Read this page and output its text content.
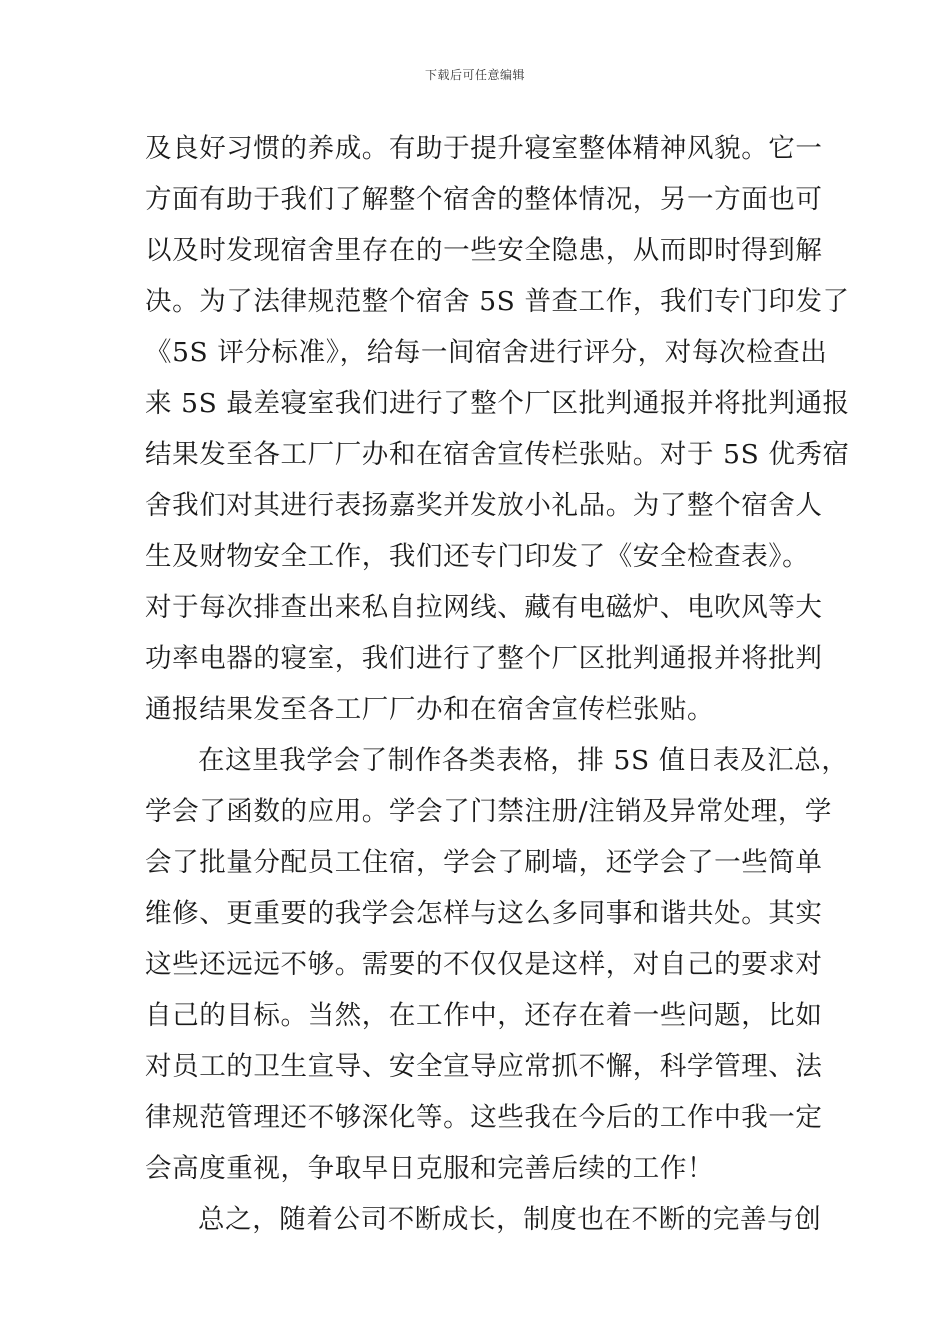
下载后可任意编辑
及良好习惯的养成。有助于提升寝室整体精神风貌。它一
方面有助于我们了解整个宿舍的整体情况，另一方面也可
以及时发现宿舍里存在的一些安全隐患，从而即时得到解
决。为了法律规范整个宿舍 5S 普查工作，我们专门印发了
《5S 评分标准》，给每一间宿舍进行评分，对每次检查出
来 5S 最差寝室我们进行了整个厂区批判通报并将批判通报
结果发至各工厂厂办和在宿舍宣传栏张贴。对于 5S 优秀宿
舍我们对其进行表扬嘉奖并发放小礼品。为了整个宿舍人
生及财物安全工作，我们还专门印发了《安全检查表》。
对于每次排查出来私自拉网线、藏有电磁炉、电吹风等大
功率电器的寝室，我们进行了整个厂区批判通报并将批判
通报结果发至各工厂厂办和在宿舍宣传栏张贴。
在这里我学会了制作各类表格，排 5S 值日表及汇总，
学会了函数的应用。学会了门禁注册/注销及异常处理，学
会了批量分配员工住宿，学会了刷墙，还学会了一些简单
维修、更重要的我学会怎样与这么多同事和谐共处。其实
这些还远远不够。需要的不仅仅是这样，对自己的要求对
自己的目标。当然，在工作中，还存在着一些问题，比如
对员工的卫生宣导、安全宣导应常抓不懈，科学管理、法
律规范管理还不够深化等。这些我在今后的工作中我一定
会高度重视，争取早日克服和完善后续的工作！
总之，随着公司不断成长，制度也在不断的完善与创
